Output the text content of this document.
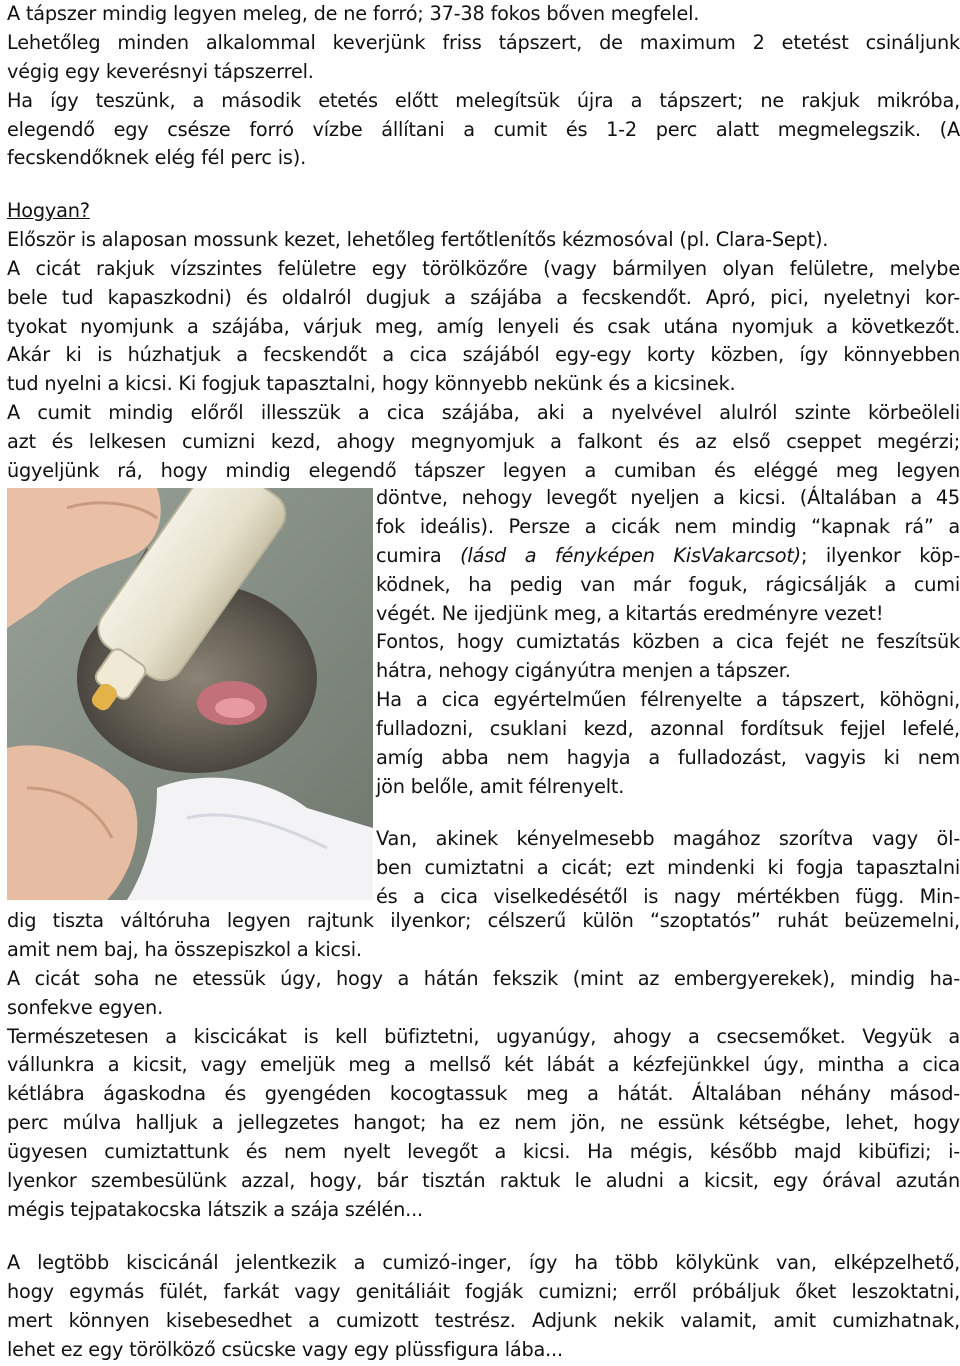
A tápszer mindig legyen meleg, de ne forró; 37-38 fokos bőven megfelel.
Lehetőleg minden alkalommal keverjünk friss tápszert, de maximum 2 etetést csináljunk
végig egy keverésnyi tápszerrel.
Ha így teszünk, a második etetés előtt melegítsük újra a tápszert; ne rakjuk mikróba,
elegendő egy csésze forró vízbe állítani a cumit és 1-2 perc alatt megmelegszik. (A
fecskendőknek elég fél perc is).
Hogyan?
Először is alaposan mossunk kezet, lehetőleg fertőtlenítős kézmosóval (pl. Clara-Sept).
A cicát rakjuk vízszintes felületre egy törölközőre (vagy bármilyen olyan felületre, melybe
bele tud kapaszkodni) és oldalról dugjuk a szájába a fecskendőt. Apró, pici, nyeletnyi kor-
tyokat nyomjunk a szájába, várjuk meg, amíg lenyeli és csak utána nyomjuk a következőt.
Akár ki is húzhatjuk a fecskendőt a cica szájából egy-egy korty közben, így könnyebben
tud nyelni a kicsi. Ki fogjuk tapasztalni, hogy könnyebb nekünk és a kicsinek.
A cumit mindig előről illesszük a cica szájába, aki a nyelvével alulról szinte körbeöleli
azt és lelkesen cumizni kezd, ahogy megnyomjuk a falkont és az első cseppet megérzi;
ügyeljünk rá, hogy mindig elegendő tápszer legyen a cumiban és eléggé meg legyen
döntve, nehogy levegőt nyeljen a kicsi. (Általában a 45
fok ideális). Persze a cicák nem mindig “kapnak rá” a
cumira (lásd a fényképen KisVakarcsot); ilyenkor köp-
ködnek, ha pedig van már foguk, rágicsálják a cumi
végét. Ne ijedjünk meg, a kitartás eredményre vezet!
Fontos, hogy cumiztatás közben a cica fejét ne feszítsük
hátra, nehogy cigányútra menjen a tápszer.
Ha a cica egyértelműen félrenyelte a tápszert, köhögni,
fulladozni, csuklani kezd, azonnal fordítsuk fejjel lefelé,
amíg abba nem hagyja a fulladozást, vagyis ki nem
jön belőle, amit félrenyelt.
Van, akinek kényelmesebb magához szorítva vagy öl-
ben cumiztatni a cicát; ezt mindenki ki fogja tapasztalni
és a cica viselkedésétől is nagy mértékben függ. Min-
dig tiszta váltóruha legyen rajtunk ilyenkor; célszerű külön “szoptatós” ruhát beüzemelni,
amit nem baj, ha összepiszkol a kicsi.
A cicát soha ne etessük úgy, hogy a hátán fekszik (mint az embergyerekek), mindig ha-
sonfekve egyen.
Természetesen a kiscicákat is kell büfiztetni, ugyanúgy, ahogy a csecsemőket. Vegyük a
vállunkra a kicsit, vagy emeljük meg a mellső két lábát a kézfejünkkel úgy, mintha a cica
kétlábra ágaskodna és gyengéden kocogtassuk meg a hátát. Általában néhány másod-
perc múlva halljuk a jellegzetes hangot; ha ez nem jön, ne essünk kétségbe, lehet, hogy
ügyesen cumiztattunk és nem nyelt levegőt a kicsi. Ha mégis, később majd kibüfizi; i-
lyenkor szembesülünk azzal, hogy, bár tisztán raktuk le aludni a kicsit, egy órával azután
mégis tejpatakocska látszik a szája szélén...
A legtöbb kiscicánál jelentkezik a cumizó-inger, így ha több kölykünk van, elképzelhető,
hogy egymás fülét, farkát vagy genitáliáit fogják cumizni; erről próbáljuk őket leszoktatni,
mert könnyen kisebesedhet a cumizott testrész. Adjunk nekik valamit, amit cumizhatnak,
lehet ez egy törölköző csücske vagy egy plüssfigura lába...
